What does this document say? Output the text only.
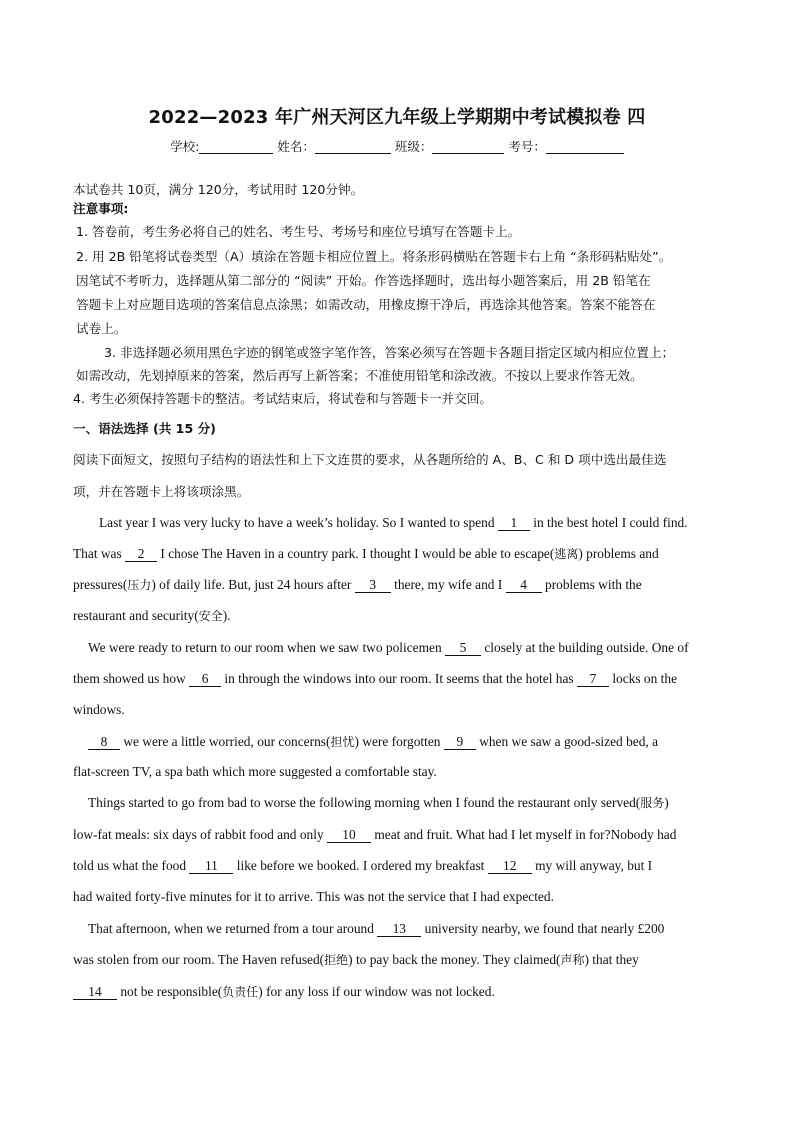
2022—2023 年广州天河区九年级上学期期中考试模拟卷 四
学校:	姓名：	班级：	考号：
本试卷共 10页，满分 120分，考试用时 120分钟。
注意事项:
1. 答卷前，考生务必将自己的姓名、考生号、考场号和座位号填写在答题卡上。
2. 用 2B 铅笔将试卷类型（A）填涂在答题卡相应位置上。将条形码横贴在答题卡右上角 “条形码粘贴处”。
因笔试不考听力，选择题从第二部分的 “阅读” 开始。作答选择题时，选出每小题答案后，用 2B 铅笔在
答题卡上对应题目选项的答案信息点涂黑；如需改动，用橡皮擦干净后，再选涂其他答案。答案不能答在
试卷上。
3. 非选择题必须用黑色字迹的钢笔或签字笔作答，答案必须写在答题卡各题目指定区域内相应位置上；
如需改动，先划掉原来的答案，然后再写上新答案；不准使用铅笔和涂改液。不按以上要求作答无效。
4. 考生必须保持答题卡的整洁。考试结束后，将试卷和与答题卡一并交回。
一、语法选择 (共 15 分)
阅读下面短文，按照句子结构的语法性和上下文连贯的要求，从各题所给的 A、B、C 和 D 项中选出最佳选
项，并在答题卡上将该项涂黑。
Last year I was very lucky to have a week’s holiday. So I wanted to spend 1 in the best hotel I could find.
That was 2 I chose The Haven in a country park. I thought I would be able to escape(逃离) problems and
pressures(压力) of daily life. But, just 24 hours after 3 there, my wife and I 4 problems with the
restaurant and security(安全).
We were ready to return to our room when we saw two policemen 5 closely at the building outside. One of
them showed us how 6 in through the windows into our room. It seems that the hotel has 7 locks on the
windows.
8 we were a little worried, our concerns(担忧) were forgotten 9 when we saw a good-sized bed, a
flat-screen TV, a spa bath which more suggested a comfortable stay.
Things started to go from bad to worse the following morning when I found the restaurant only served(服务)
low-fat meals: six days of rabbit food and only 10 meat and fruit. What had I let myself in for?Nobody had
told us what the food 11 like before we booked. I ordered my breakfast 12 my will anyway, but I
had waited forty-five minutes for it to arrive. This was not the service that I had expected.
That afternoon, when we returned from a tour around 13 university nearby, we found that nearly £200
was stolen from our room. The Haven refused(拒绝) to pay back the money. They claimed(声称) that they
14 not be responsible(负责任) for any loss if our window was not locked.
